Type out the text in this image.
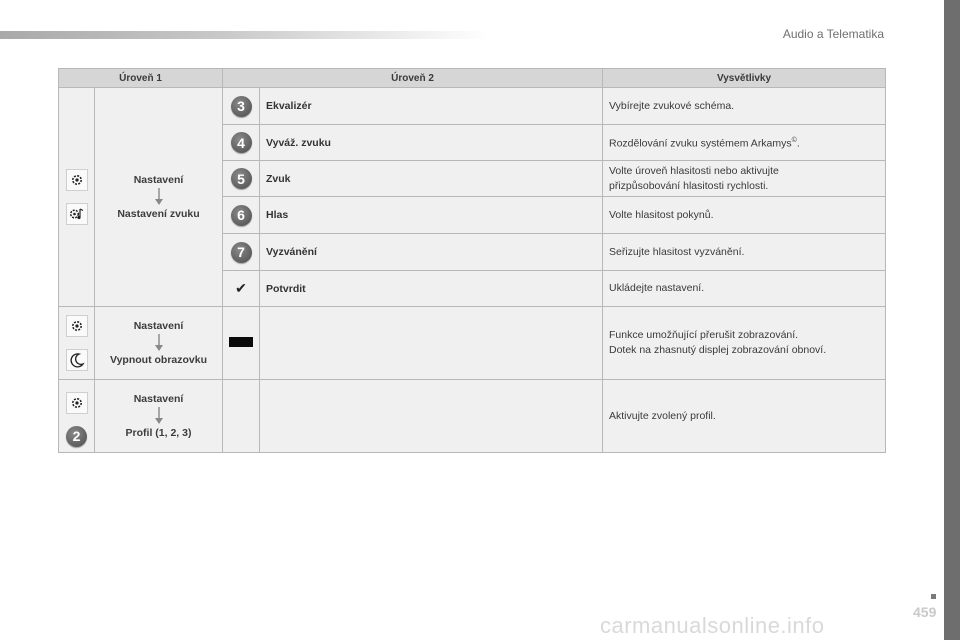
Audio a Telematika
Úroveň 1		Úroveň 2		Vysvětlivky

Nastavení
Nastavení zvuku	3	Ekvalizér	Vybírejte zvukové schéma.
		4	Vyváž. zvuku	Rozdělování zvuku systémem Arkamys©.
		5	Zvuk	Volte úroveň hlasitosti nebo aktivujte
přizpůsobování hlasitosti rychlosti.

		6	Hlas	Volte hlasitost pokynů.
		7	Vyzvánění	Seřizujte hlasitost vyzvánění.
		✔	Potvrdit	Ukládejte nastavení.

Nastavení
Vypnout obrazovku			Funkce umožňující přerušit zobrazování.
Dotek na zhasnutý displej zobrazování obnoví.

2	Nastavení
Profil (1, 2, 3)			Aktivujte zvolený profil.
459
carmanualsonline.info
